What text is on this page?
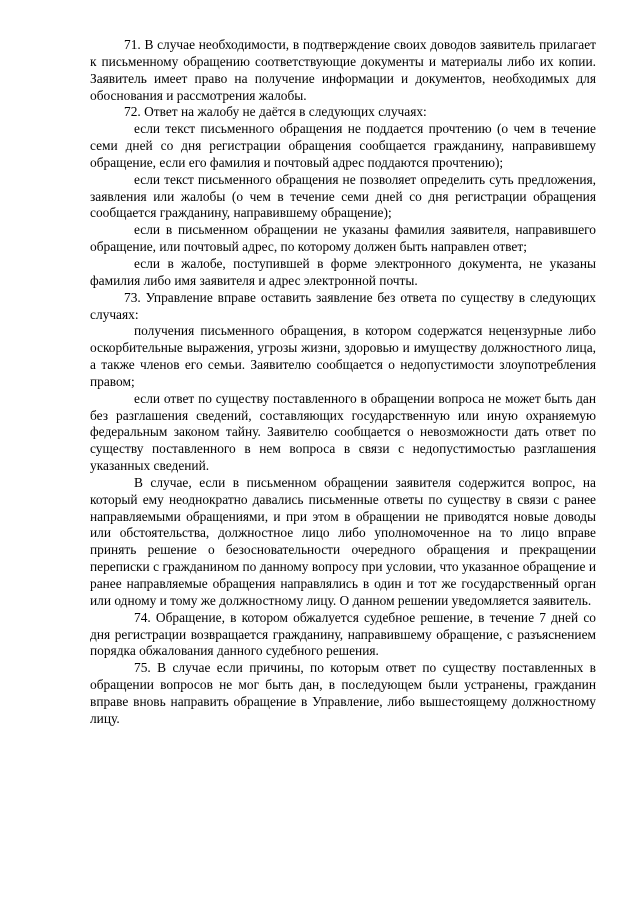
71. В случае необходимости, в подтверждение своих доводов заявитель прилагает к письменному обращению соответствующие документы и материалы либо их копии. Заявитель имеет право на получение информации и документов, необходимых для обоснования и рассмотрения жалобы.

72. Ответ на жалобу не даётся в следующих случаях:

если текст письменного обращения не поддается прочтению (о чем в течение семи дней со дня регистрации обращения сообщается гражданину, направившему обращение, если его фамилия и почтовый адрес поддаются прочтению);

если текст письменного обращения не позволяет определить суть предложения, заявления или жалобы (о чем в течение семи дней со дня регистрации обращения сообщается гражданину, направившему обращение);

если в письменном обращении не указаны фамилия заявителя, направившего обращение, или почтовый адрес, по которому должен быть направлен ответ;

если в жалобе, поступившей в форме электронного документа, не указаны фамилия либо имя заявителя и адрес электронной почты.

73. Управление вправе оставить заявление без ответа по существу в следующих случаях:

получения письменного обращения, в котором содержатся нецензурные либо оскорбительные выражения, угрозы жизни, здоровью и имуществу должностного лица, а также членов его семьи. Заявителю сообщается о недопустимости злоупотребления правом;

если ответ по существу поставленного в обращении вопроса не может быть дан без разглашения сведений, составляющих государственную или иную охраняемую федеральным законом тайну. Заявителю сообщается о невозможности дать ответ по существу поставленного в нем вопроса в связи с недопустимостью разглашения указанных сведений.

В случае, если в письменном обращении заявителя содержится вопрос, на который ему неоднократно давались письменные ответы по существу в связи с ранее направляемыми обращениями, и при этом в обращении не приводятся новые доводы или обстоятельства, должностное лицо либо уполномоченное на то лицо вправе принять решение о безосновательности очередного обращения и прекращении переписки с гражданином по данному вопросу при условии, что указанное обращение и ранее направляемые обращения направлялись в один и тот же государственный орган или одному и тому же должностному лицу. О данном решении уведомляется заявитель.

74. Обращение, в котором обжалуется судебное решение, в течение 7 дней со дня регистрации возвращается гражданину, направившему обращение, с разъяснением порядка обжалования данного судебного решения.

75. В случае если причины, по которым ответ по существу поставленных в обращении вопросов не мог быть дан, в последующем были устранены, гражданин вправе вновь направить обращение в Управление, либо вышестоящему должностному лицу.
